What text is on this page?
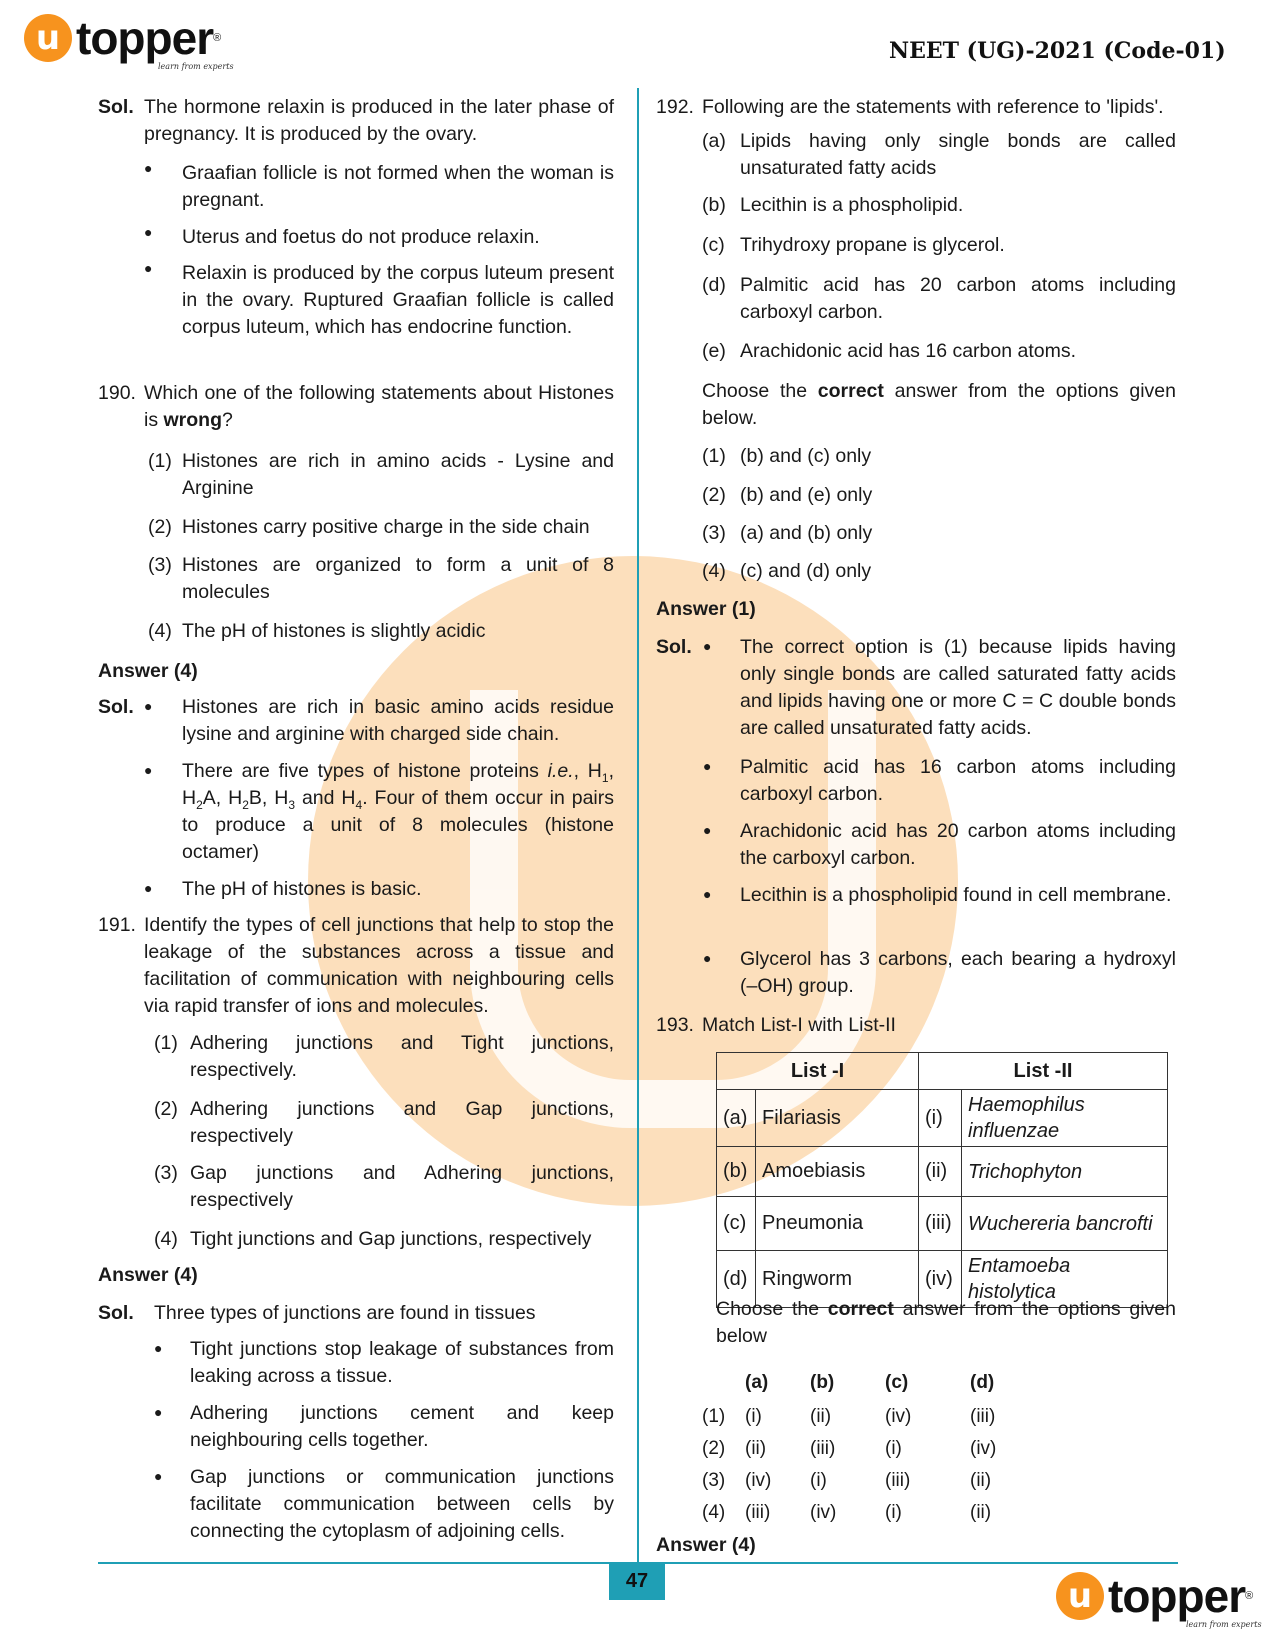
u topper ®
learn from experts
NEET (UG)-2021 (Code-01)
Sol. The hormone relaxin is produced in the later phase of pregnancy. It is produced by the ovary.
● Graafian follicle is not formed when the woman is pregnant.
● Uterus and foetus do not produce relaxin.
● Relaxin is produced by the corpus luteum present in the ovary. Ruptured Graafian follicle is called corpus luteum, which has endocrine function.
190. Which one of the following statements about Histones is wrong?
(1) Histones are rich in amino acids - Lysine and Arginine
(2) Histones carry positive charge in the side chain
(3) Histones are organized to form a unit of 8 molecules
(4) The pH of histones is slightly acidic
Answer (4)
Sol. ● Histones are rich in basic amino acids residue lysine and arginine with charged side chain.
● There are five types of histone proteins i.e., $H_1$, $H_2A$, $H_2B$, $H_3$ and $H_4$. Four of them occur in pairs to produce a unit of 8 molecules (histone octamer)
● The pH of histones is basic.
191. Identify the types of cell junctions that help to stop the leakage of the substances across a tissue and facilitation of communication with neighbouring cells via rapid transfer of ions and molecules.
(1) Adhering junctions and Tight junctions, respectively.
(2) Adhering junctions and Gap junctions, respectively
(3) Gap junctions and Adhering junctions, respectively
(4) Tight junctions and Gap junctions, respectively
Answer (4)
Sol. Three types of junctions are found in tissues
● Tight junctions stop leakage of substances from leaking across a tissue.
● Adhering junctions cement and keep neighbouring cells together.
● Gap junctions or communication junctions facilitate communication between cells by connecting the cytoplasm of adjoining cells.
192. Following are the statements with reference to 'lipids'.
(a) Lipids having only single bonds are called unsaturated fatty acids
(b) Lecithin is a phospholipid.
(c) Trihydroxy propane is glycerol.
(d) Palmitic acid has 20 carbon atoms including carboxyl carbon.
(e) Arachidonic acid has 16 carbon atoms.
Choose the correct answer from the options given below.
(1) (b) and (c) only
(2) (b) and (e) only
(3) (a) and (b) only
(4) (c) and (d) only
Answer (1)
Sol. ● The correct option is (1) because lipids having only single bonds are called saturated fatty acids and lipids having one or more C = C double bonds are called unsaturated fatty acids.
● Palmitic acid has 16 carbon atoms including carboxyl carbon.
● Arachidonic acid has 20 carbon atoms including the carboxyl carbon.
● Lecithin is a phospholipid found in cell membrane.
● Glycerol has 3 carbons, each bearing a hydroxyl (–OH) group.
193. Match List-I with List-II
List -I		List -II	
(a)	Filariasis	(i)	Haemophilus influenzae
(b)	Amoebiasis	(ii)	Trichophyton
(c)	Pneumonia	(iii)	Wuchereria bancrofti
(d)	Ringworm	(iv)	Entamoeba histolytica
Choose the correct answer from the options given below
(a) (b)	(c)	(d)
(1) (i)	(ii)	(iv)	(iii)
(2) (ii) (iii)	(i)	(iv)
(3) (iv) (i)	(iii)	(ii)
(4) (iii) (iv)	(i)	(ii)
Answer (4)
47	u topper ®
learn from experts
